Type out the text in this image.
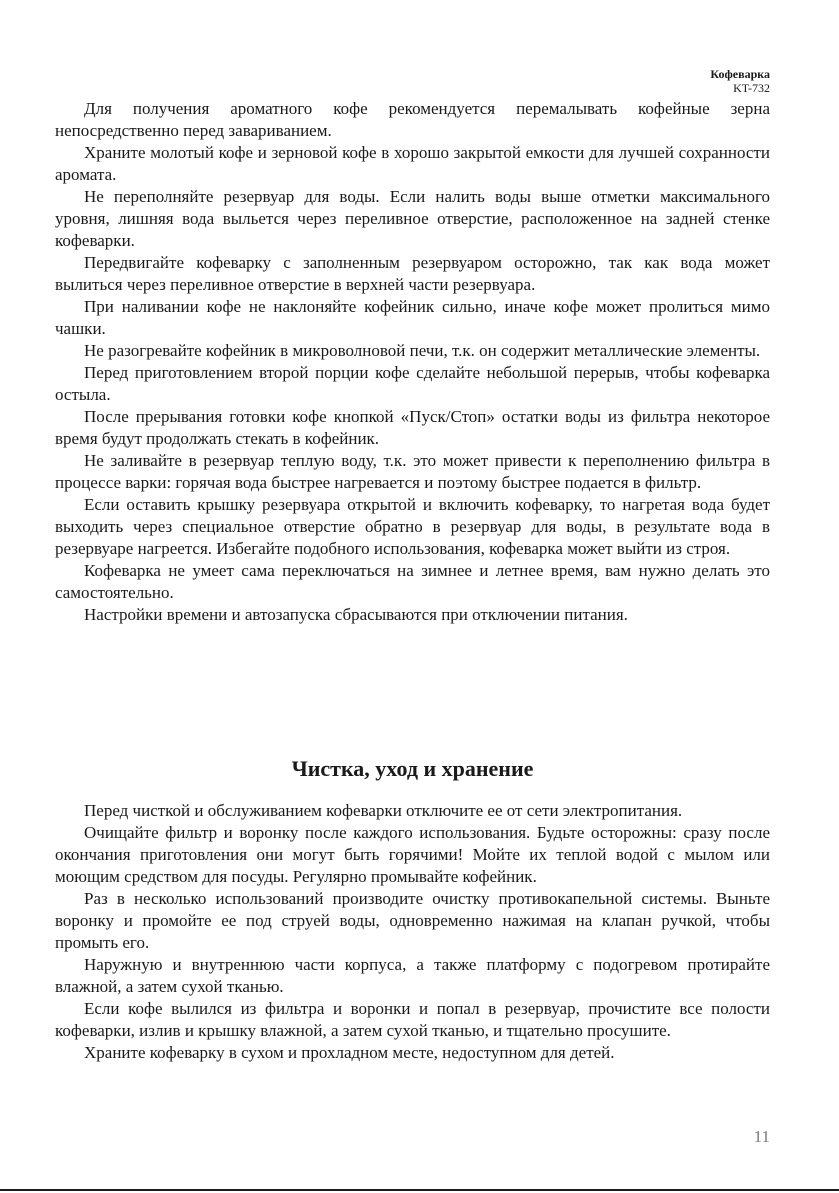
Кофеварка
KT-732

Для получения ароматного кофе рекомендуется перемалывать кофейные зерна непосредственно перед завариванием.

Храните молотый кофе и зерновой кофе в хорошо закрытой емкости для лучшей сохранности аромата.

Не переполняйте резервуар для воды. Если налить воды выше отметки максимального уровня, лишняя вода выльется через переливное отверстие, расположенное на задней стенке кофеварки.

Передвигайте кофеварку с заполненным резервуаром осторожно, так как вода может вылиться через переливное отверстие в верхней части резервуара.

При наливании кофе не наклоняйте кофейник сильно, иначе кофе может пролиться мимо чашки.

Не разогревайте кофейник в микроволновой печи, т.к. он содержит металлические элементы.

Перед приготовлением второй порции кофе сделайте небольшой перерыв, чтобы кофеварка остыла.

После прерывания готовки кофе кнопкой «Пуск/Стоп» остатки воды из фильтра некоторое время будут продолжать стекать в кофейник.

Не заливайте в резервуар теплую воду, т.к. это может привести к переполнению фильтра в процессе варки: горячая вода быстрее нагревается и поэтому быстрее подается в фильтр.

Если оставить крышку резервуара открытой и включить кофеварку, то нагретая вода будет выходить через специальное отверстие обратно в резервуар для воды, в результате вода в резервуаре нагреется. Избегайте подобного использования, кофеварка может выйти из строя.

Кофеварка не умеет сама переключаться на зимнее и летнее время, вам нужно делать это самостоятельно.

Настройки времени и автозапуска сбрасываются при отключении питания.

Чистка, уход и хранение

Перед чисткой и обслуживанием кофеварки отключите ее от сети электропитания.

Очищайте фильтр и воронку после каждого использования. Будьте осторожны: сразу после окончания приготовления они могут быть горячими! Мойте их теплой водой с мылом или моющим средством для посуды. Регулярно промывайте кофейник.

Раз в несколько использований производите очистку противокапельной системы. Выньте воронку и промойте ее под струей воды, одновременно нажимая на клапан ручкой, чтобы промыть его.

Наружную и внутреннюю части корпуса, а также платформу с подогревом протирайте влажной, а затем сухой тканью.

Если кофе вылился из фильтра и воронки и попал в резервуар, прочистите все полости кофеварки, излив и крышку влажной, а затем сухой тканью, и тщательно просушите.

Храните кофеварку в сухом и прохладном месте, недоступном для детей.

11
